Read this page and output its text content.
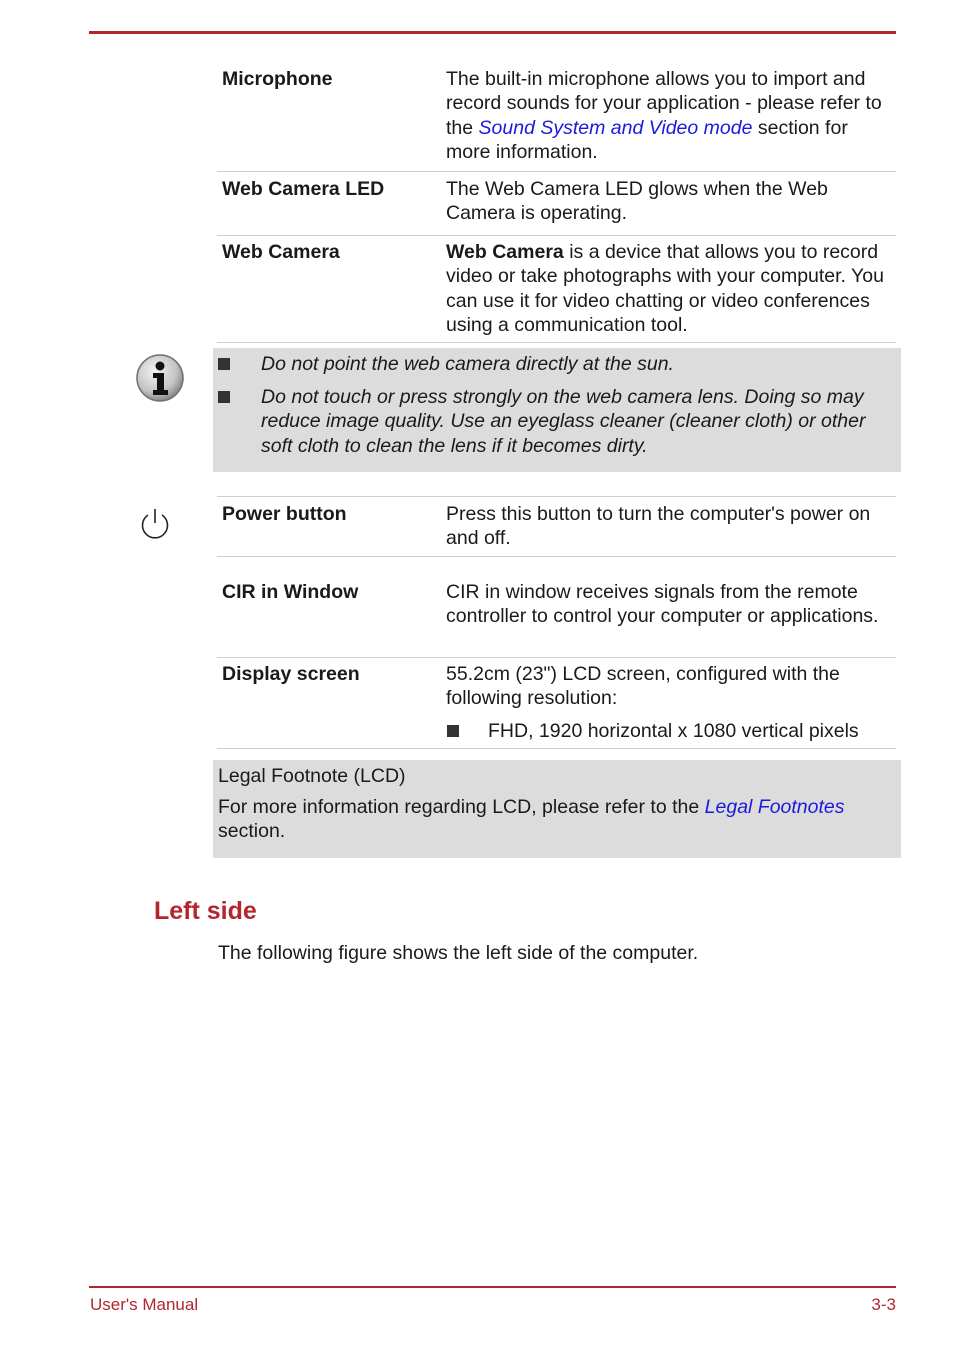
Microphone	The built-in microphone allows you to import and record sounds for your application - please refer to the Sound System and Video mode section for more information.
Web Camera LED	The Web Camera LED glows when the Web Camera is operating.
Web Camera	Web Camera is a device that allows you to record video or take photographs with your computer. You can use it for video chatting or video conferences using a communication tool.
Do not point the web camera directly at the sun.
Do not touch or press strongly on the web camera lens. Doing so may reduce image quality. Use an eyeglass cleaner (cleaner cloth) or other soft cloth to clean the lens if it becomes dirty.
Power button	Press this button to turn the computer's power on and off.
CIR in Window	CIR in window receives signals from the remote controller to control your computer or applications.
Display screen	55.2cm (23") LCD screen, configured with the following resolution:
FHD, 1920 horizontal x 1080 vertical pixels
Legal Footnote (LCD)
For more information regarding LCD, please refer to the Legal Footnotes section.
Left side
The following figure shows the left side of the computer.
User's Manual	3-3
